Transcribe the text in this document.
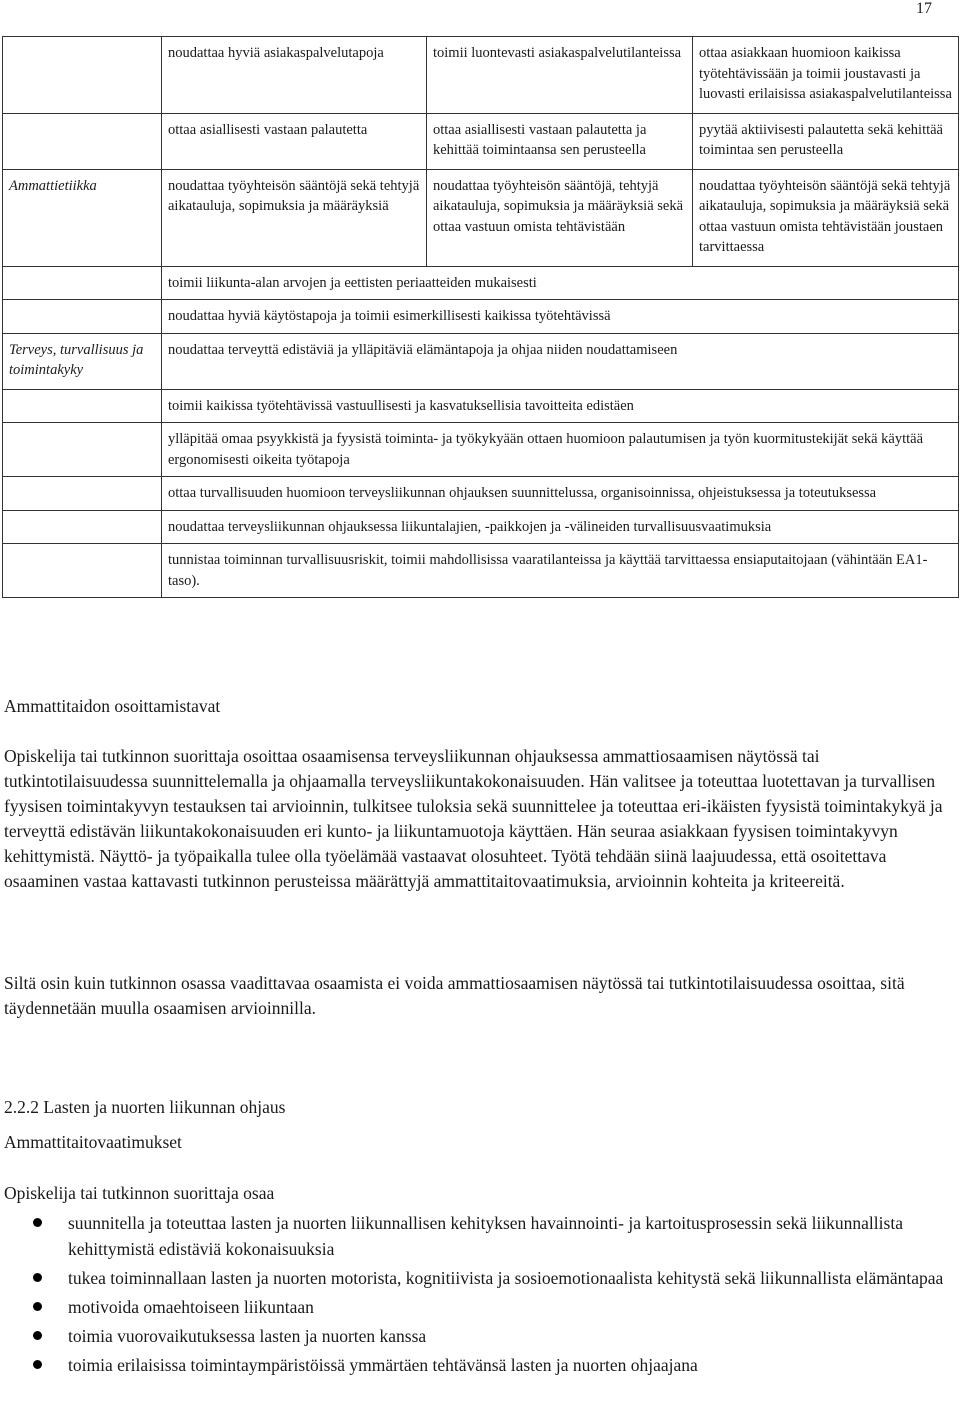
17
	noudattaa hyviä asiakaspalvelutapoja	toimii luontevasti asiakaspalvelutilanteissa	ottaa asiakkaan huomioon kaikissa työtehtävissään ja toimii joustavasti ja luovasti erilaisissa asiakaspalvelutilanteissa
	ottaa asiallisesti vastaan palautetta	ottaa asiallisesti vastaan palautetta ja kehittää toimintaansa sen perusteella	pyytää aktiivisesti palautetta sekä kehittää toimintaa sen perusteella
Ammattietiikka	noudattaa työyhteisön sääntöjä sekä tehtyjä aikatauluja, sopimuksia ja määräyksiä	noudattaa työyhteisön sääntöjä, tehtyjä aikatauluja, sopimuksia ja määräyksiä sekä ottaa vastuun omista tehtävistään	noudattaa työyhteisön sääntöjä sekä tehtyjä aikatauluja, sopimuksia ja määräyksiä sekä ottaa vastuun omista tehtävistään joustaen tarvittaessa
	toimii liikunta-alan arvojen ja eettisten periaatteiden mukaisesti		
	noudattaa hyviä käytöstapoja ja toimii esimerkillisesti kaikissa työtehtävissä		
Terveys, turvallisuus ja toimintakyky	noudattaa terveyttä edistäviä ja ylläpitäviä elämäntapoja ja ohjaa niiden noudattamiseen		
	toimii kaikissa työtehtävissä vastuullisesti ja kasvatuksellisia tavoitteita edistäen		
	ylläpitää omaa psyykkistä ja fyysistä toiminta- ja työkykyään ottaen huomioon palautumisen ja työn kuormitustekijät sekä käyttää ergonomisesti oikeita työtapoja		
	ottaa turvallisuuden huomioon terveysliikunnan ohjauksen suunnittelussa, organisoinnissa, ohjeistuksessa ja toteutuksessa		
	noudattaa terveysliikunnan ohjauksessa liikuntalajien, -paikkojen ja -välineiden turvallisuusvaatimuksia		
	tunnistaa toiminnan turvallisuusriskit, toimii mahdollisissa vaaratilanteissa ja käyttää tarvittaessa ensiaputaitojaan (vähintään EA1-taso).		
Ammattitaidon osoittamistavat
Opiskelija tai tutkinnon suorittaja osoittaa osaamisensa terveysliikunnan ohjauksessa ammattiosaamisen näytössä tai tutkintotilaisuudessa suunnittelemalla ja ohjaamalla terveysliikuntakokonaisuuden. Hän valitsee ja toteuttaa luotettavan ja turvallisen fyysisen toimintakyvyn testauksen tai arvioinnin, tulkitsee tuloksia sekä suunnittelee ja toteuttaa eri-ikäisten fyysistä toimintakykyä ja terveyttä edistävän liikuntakokonaisuuden eri kunto- ja liikuntamuotoja käyttäen. Hän seuraa asiakkaan fyysisen toimintakyvyn kehittymistä. Näyttö- ja työpaikalla tulee olla työelämää vastaavat olosuhteet. Työtä tehdään siinä laajuudessa, että osoitettava osaaminen vastaa kattavasti tutkinnon perusteissa määrättyjä ammattitaitovaatimuksia, arvioinnin kohteita ja kriteereitä.
Siltä osin kuin tutkinnon osassa vaadittavaa osaamista ei voida ammattiosaamisen näytössä tai tutkintotilaisuudessa osoittaa, sitä täydennetään muulla osaamisen arvioinnilla.
2.2.2 Lasten ja nuorten liikunnan ohjaus
Ammattitaitovaatimukset
Opiskelija tai tutkinnon suorittaja osaa
suunnitella ja toteuttaa lasten ja nuorten liikunnallisen kehityksen havainnointi- ja kartoitusprosessin sekä liikunnallista kehittymistä edistäviä kokonaisuuksia
tukea toiminnallaan lasten ja nuorten motorista, kognitiivista ja sosioemotionaalista kehitystä sekä liikunnallista elämäntapaa
motivoida omaehtoiseen liikuntaan
toimia vuorovaikutuksessa lasten ja nuorten kanssa
toimia erilaisissa toimintaympäristöissä ymmärtäen tehtävänsä lasten ja nuorten ohjaajana
